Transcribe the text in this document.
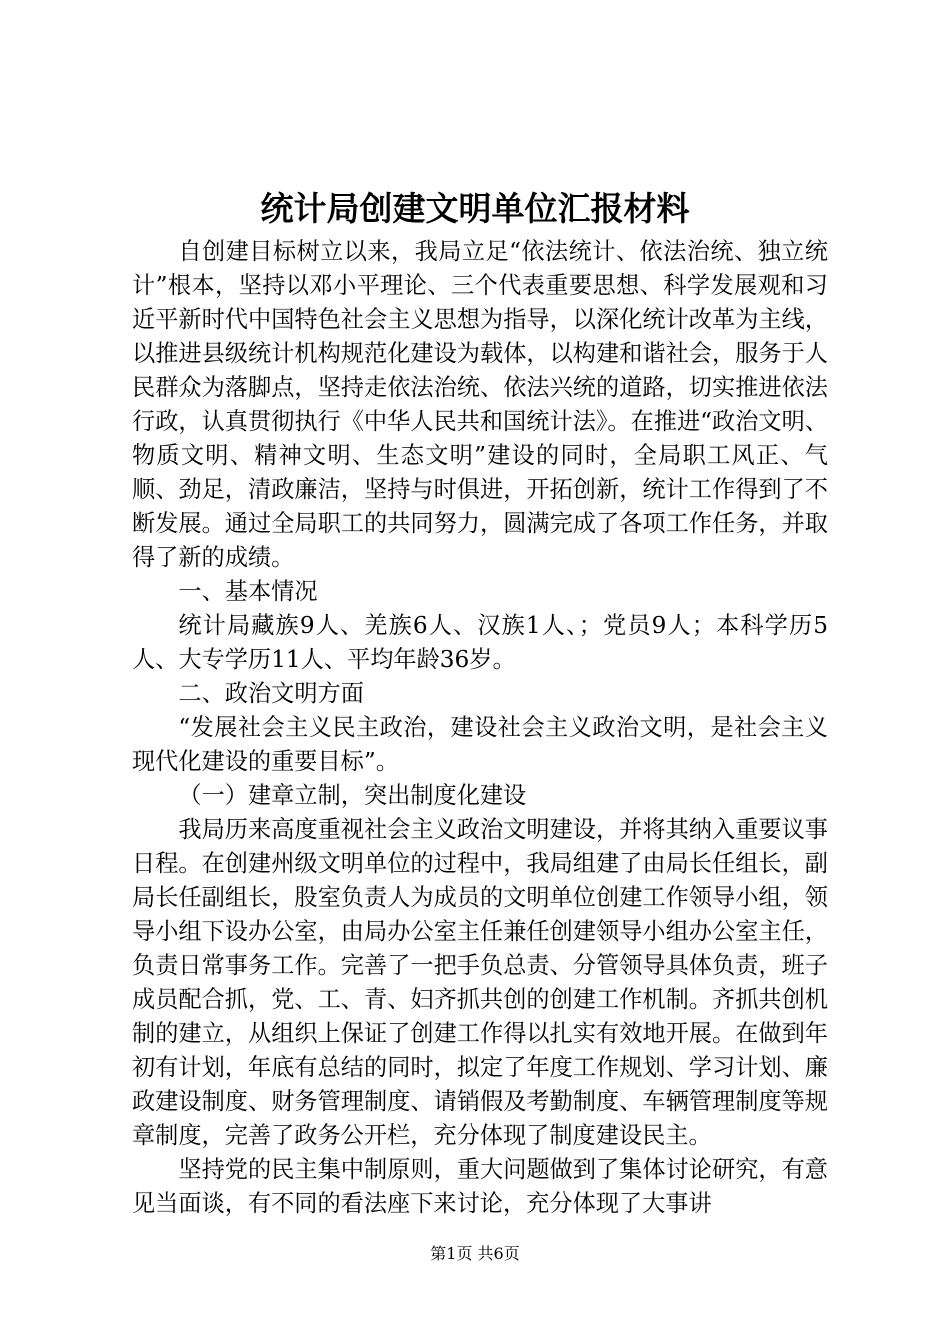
统计局创建文明单位汇报材料

自创建目标树立以来，我局立足“依法统计、依法治统、独立统计”根本，坚持以邓小平理论、三个代表重要思想、科学发展观和习近平新时代中国特色社会主义思想为指导，以深化统计改革为主线，以推进县级统计机构规范化建设为载体，以构建和谐社会，服务于人民群众为落脚点，坚持走依法治统、依法兴统的道路，切实推进依法行政，认真贯彻执行《中华人民共和国统计法》。在推进“政治文明、物质文明、精神文明、生态文明”建设的同时，全局职工风正、气顺、劲足，清政廉洁，坚持与时俱进，开拓创新，统计工作得到了不断发展。通过全局职工的共同努力，圆满完成了各项工作任务，并取得了新的成绩。

一、基本情况

统计局藏族9人、羌族6人、汉族1人、；党员9人；本科学历5人、大专学历11人、平均年龄36岁。

二、政治文明方面

“发展社会主义民主政治，建设社会主义政治文明，是社会主义现代化建设的重要目标”。

（一）建章立制，突出制度化建设

我局历来高度重视社会主义政治文明建设，并将其纳入重要议事日程。在创建州级文明单位的过程中，我局组建了由局长任组长，副局长任副组长，股室负责人为成员的文明单位创建工作领导小组，领导小组下设办公室，由局办公室主任兼任创建领导小组办公室主任，负责日常事务工作。完善了一把手负总责、分管领导具体负责，班子成员配合抓，党、工、青、妇齐抓共创的创建工作机制。齐抓共创机制的建立，从组织上保证了创建工作得以扎实有效地开展。在做到年初有计划，年底有总结的同时，拟定了年度工作规划、学习计划、廉政建设制度、财务管理制度、请销假及考勤制度、车辆管理制度等规章制度，完善了政务公开栏，充分体现了制度建设民主。

坚持党的民主集中制原则，重大问题做到了集体讨论研究，有意见当面谈，有不同的看法座下来讨论，充分体现了大事讲

第1页 共6页
